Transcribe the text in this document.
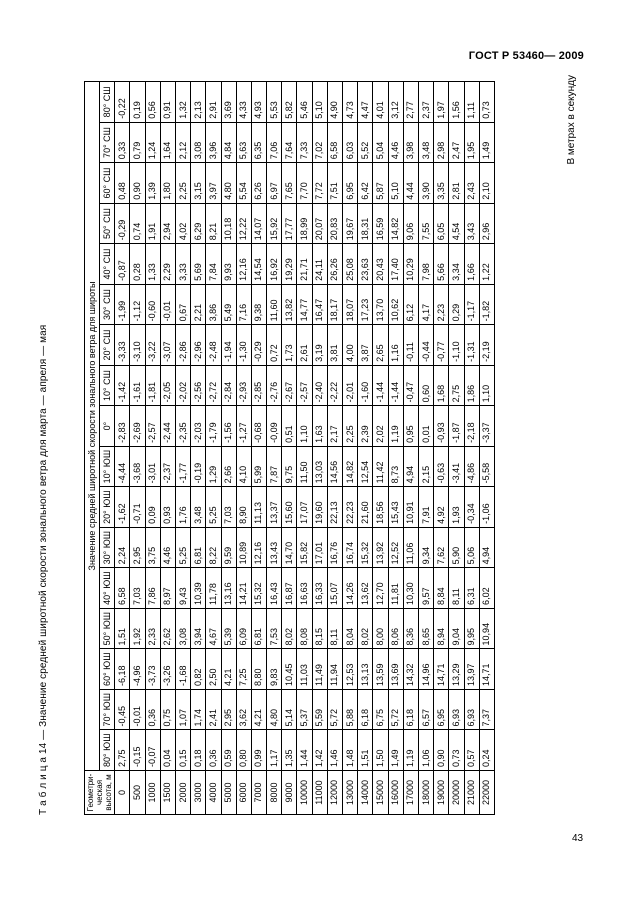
ГОСТ Р 53460— 2009
Т а б л и ц а 14 — Значение средней широтной скорости зонального ветра для марта — апреля — мая	Геометри-ческая высота, м	Значение средней широтной скорости зонального ветра для широты																
	80° ЮШ	70° ЮШ	60° ЮШ	50° ЮШ	40° ЮШ	30° ЮШ	20° ЮШ	10° ЮШ	0°	10° СШ	20° СШ	30° СШ	40° СШ	50° СШ	60° СШ	70° СШ	80° СШ
0	2,75	-0,45	-6,18	1,51	6,58	2,24	-1,62	-4,44	-2,83	-1,42	-3,33	-1,99	-0,87	-0,29	0,48	0,33	-0,22
500	-0,15	-0,01	-4,96	1,92	7,03	2,95	-0,71	-3,68	-2,69	-1,61	-3,10	-1,12	0,28	0,74	0,90	0,79	0,19
1000	-0,07	0,36	-3,73	2,33	7,86	3,75	0,09	-3,01	-2,57	-1,81	-3,22	-0,60	1,33	1,91	1,39	1,24	0,56
1500	0,04	0,75	-3,26	2,62	8,97	4,46	0,93	-2,37	-2,44	-2,05	-3,07	-0,01	2,29	2,94	1,80	1,64	0,91
2000	0,15	1,07	-1,68	3,08	9,43	5,25	1,76	-1,77	-2,35	-2,02	-2,86	0,67	3,33	4,02	2,25	2,12	1,32
3000	0,18	1,74	0,82	3,94	10,39	6,81	3,48	-0,19	-2,03	-2,56	-2,96	2,21	5,69	6,29	3,15	3,08	2,13
4000	0,36	2,41	2,50	4,67	11,78	8,22	5,25	1,29	-1,79	-2,72	-2,48	3,86	7,84	8,21	3,97	3,96	2,91
5000	0,59	2,95	4,21	5,39	13,16	9,59	7,03	2,66	-1,56	-2,84	-1,94	5,49	9,93	10,18	4,80	4,84	3,69
6000	0,80	3,62	7,25	6,09	14,21	10,89	8,90	4,10	-1,27	-2,93	-1,30	7,16	12,16	12,22	5,54	5,63	4,33
7000	0,99	4,21	8,80	6,81	15,32	12,16	11,13	5,99	-0,68	-2,85	-0,29	9,38	14,54	14,07	6,26	6,35	4,93
8000	1,17	4,80	9,83	7,53	16,43	13,43	13,37	7,87	-0,09	-2,76	0,72	11,60	16,92	15,92	6,97	7,06	5,53
9000	1,35	5,14	10,45	8,02	16,87	14,70	15,60	9,75	0,51	-2,67	1,73	13,82	19,29	17,77	7,65	7,64	5,82
10000	1,44	5,37	11,03	8,08	16,63	15,82	17,07	11,50	1,10	-2,57	2,61	14,77	21,71	18,99	7,70	7,33	5,46
11000	1,42	5,59	11,49	8,15	16,33	17,01	19,60	13,03	1,63	-2,40	3,19	16,47	24,11	20,07	7,72	7,02	5,10
12000	1,46	5,72	11,94	8,11	15,07	16,76	22,13	14,56	2,17	-2,22	3,81	18,17	26,26	20,83	7,51	6,58	4,90
13000	1,48	5,88	12,53	8,04	14,26	16,74	22,23	14,82	2,25	-2,01	4,00	18,07	25,08	19,67	6,95	6,03	4,73
14000	1,51	6,18	13,13	8,02	13,62	15,32	21,60	12,54	2,39	-1,60	3,87	17,23	23,63	18,31	6,42	5,52	4,47
15000	1,50	6,75	13,59	8,00	12,70	13,92	18,56	11,42	2,02	-1,44	2,65	13,70	20,43	16,59	5,87	5,04	4,01
16000	1,49	5,72	13,69	8,06	11,81	12,52	15,43	8,73	1,19	-1,44	1,16	10,62	17,40	14,82	5,10	4,46	3,12
17000	1,19	6,18	14,32	8,36	10,30	11,06	10,91	4,94	0,95	-0,47	-0,11	6,12	10,29	9,06	4,44	3,98	2,77
18000	1,06	6,57	14,96	8,65	9,57	9,34	7,91	2,15	0,01	0,60	-0,44	4,17	7,98	7,55	3,90	3,48	2,37
19000	0,90	6,95	14,71	8,94	8,84	7,62	4,92	-0,63	-0,93	1,68	-0,77	2,23	5,66	6,05	3,35	2,98	1,97
20000	0,73	6,93	13,29	9,04	8,11	5,90	1,93	-3,41	-1,87	2,75	-1,10	0,29	3,34	4,54	2,81	2,47	1,56
21000	0,57	6,93	13,97	9,95	6,31	5,06	-0,34	-4,86	-2,18	1,86	-1,31	-1,17	1,66	3,43	2,43	1,95	1,11
22000	0,24	7,37	14,71	10,94	6,02	4,94	-1,06	-5,58	-3,37	1,10	-2,19	-1,82	1,22	2,96	2,10	1,49	0,73	В метрах в секунду
43
